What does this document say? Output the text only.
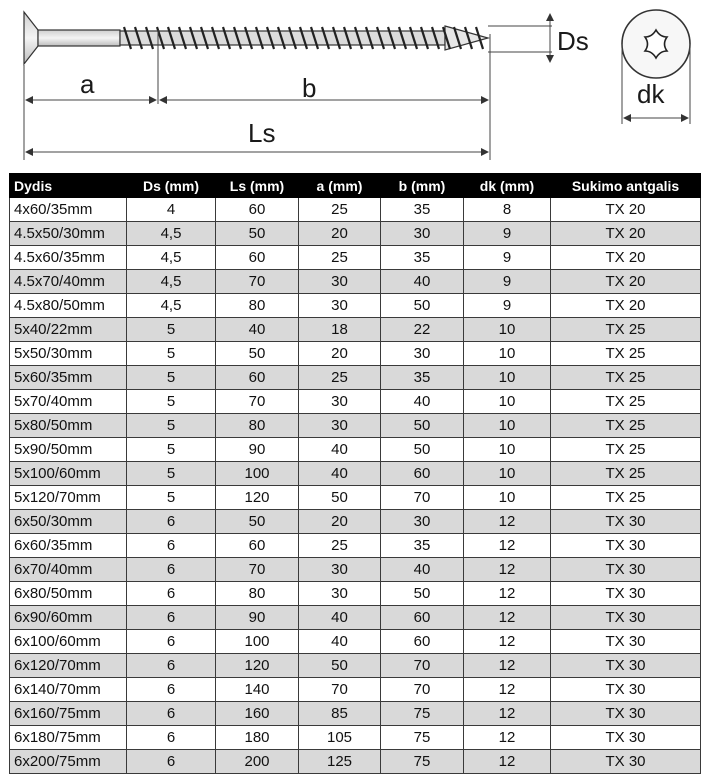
Ds
a	b
Ls
dk
Dydis	Ds (mm)	Ls (mm)	a (mm)	b (mm)	dk (mm)	Sukimo antgalis
4x60/35mm	4	60	25	35	8	TX 20
4.5x50/30mm	4,5	50	20	30	9	TX 20
4.5x60/35mm	4,5	60	25	35	9	TX 20
4.5x70/40mm	4,5	70	30	40	9	TX 20
4.5x80/50mm	4,5	80	30	50	9	TX 20
5x40/22mm	5	40	18	22	10	TX 25
5x50/30mm	5	50	20	30	10	TX 25
5x60/35mm	5	60	25	35	10	TX 25
5x70/40mm	5	70	30	40	10	TX 25
5x80/50mm	5	80	30	50	10	TX 25
5x90/50mm	5	90	40	50	10	TX 25
5x100/60mm	5	100	40	60	10	TX 25
5x120/70mm	5	120	50	70	10	TX 25
6x50/30mm	6	50	20	30	12	TX 30
6x60/35mm	6	60	25	35	12	TX 30
6x70/40mm	6	70	30	40	12	TX 30
6x80/50mm	6	80	30	50	12	TX 30
6x90/60mm	6	90	40	60	12	TX 30
6x100/60mm	6	100	40	60	12	TX 30
6x120/70mm	6	120	50	70	12	TX 30
6x140/70mm	6	140	70	70	12	TX 30
6x160/75mm	6	160	85	75	12	TX 30
6x180/75mm	6	180	105	75	12	TX 30
6x200/75mm	6	200	125	75	12	TX 30
